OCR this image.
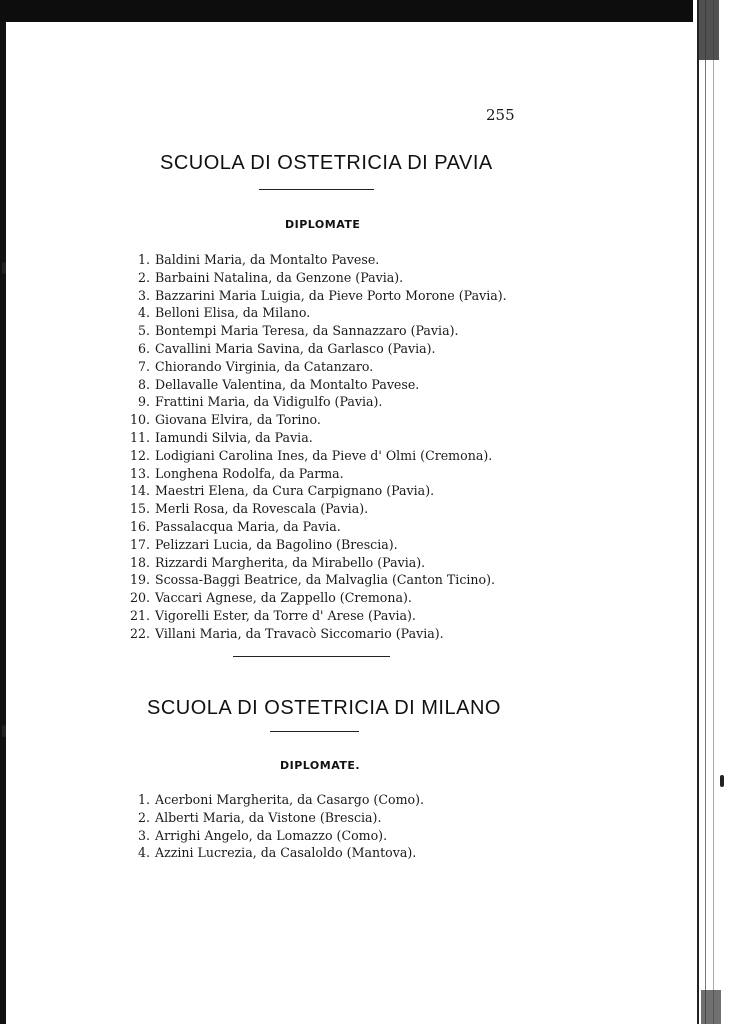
255
SCUOLA DI OSTETRICIA DI PAVIA
DIPLOMATE
1. Baldini Maria, da Montalto Pavese.
2. Barbaini Natalina, da Genzone (Pavia).
3. Bazzarini Maria Luigia, da Pieve Porto Morone (Pavia).
4. Belloni Elisa, da Milano.
5. Bontempi Maria Teresa, da Sannazzaro (Pavia).
6. Cavallini Maria Savina, da Garlasco (Pavia).
7. Chiorando Virginia, da Catanzaro.
8. Dellavalle Valentina, da Montalto Pavese.
9. Frattini Maria, da Vidigulfo (Pavia).
10. Giovana Elvira, da Torino.
11. Iamundi Silvia, da Pavia.
12. Lodigiani Carolina Ines, da Pieve d' Olmi (Cremona).
13. Longhena Rodolfa, da Parma.
14. Maestri Elena, da Cura Carpignano (Pavia).
15. Merli Rosa, da Rovescala (Pavia).
16. Passalacqua Maria, da Pavia.
17. Pelizzari Lucia, da Bagolino (Brescia).
18. Rizzardi Margherita, da Mirabello (Pavia).
19. Scossa-Baggi Beatrice, da Malvaglia (Canton Ticino).
20. Vaccari Agnese, da Zappello (Cremona).
21. Vigorelli Ester, da Torre d' Arese (Pavia).
22. Villani Maria, da Travacò Siccomario (Pavia).
SCUOLA DI OSTETRICIA DI MILANO
DIPLOMATE.
1. Acerboni Margherita, da Casargo (Como).
2. Alberti Maria, da Vistone (Brescia).
3. Arrighi Angelo, da Lomazzo (Como).
4. Azzini Lucrezia, da Casaloldo (Mantova).
